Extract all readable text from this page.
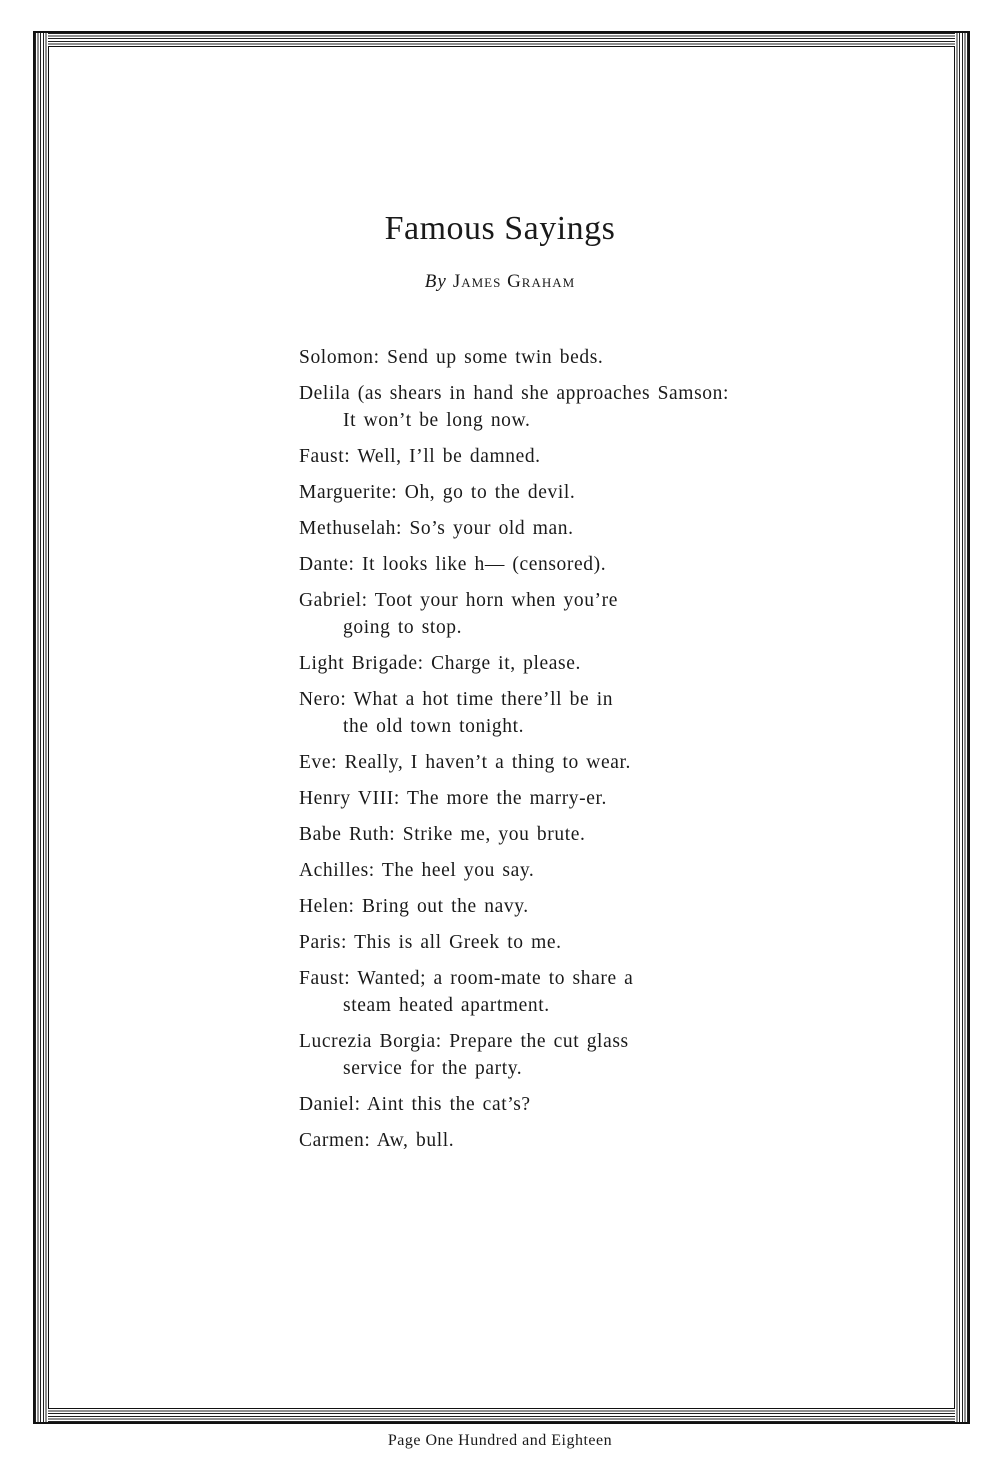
Famous Sayings
By James Graham
Solomon: Send up some twin beds.
Delila (as shears in hand she approaches Samson:
It won’t be long now.
Faust: Well, I’ll be damned.
Marguerite: Oh, go to the devil.
Methuselah: So’s your old man.
Dante: It looks like h— (censored).
Gabriel: Toot your horn when you’re
going to stop.
Light Brigade: Charge it, please.
Nero: What a hot time there’ll be in
the old town tonight.
Eve: Really, I haven’t a thing to wear.
Henry VIII: The more the marry-er.
Babe Ruth: Strike me, you brute.
Achilles: The heel you say.
Helen: Bring out the navy.
Paris: This is all Greek to me.
Faust: Wanted; a room-mate to share a
steam heated apartment.
Lucrezia Borgia: Prepare the cut glass
service for the party.
Daniel: Aint this the cat’s?
Carmen: Aw, bull.
Page One Hundred and Eighteen
